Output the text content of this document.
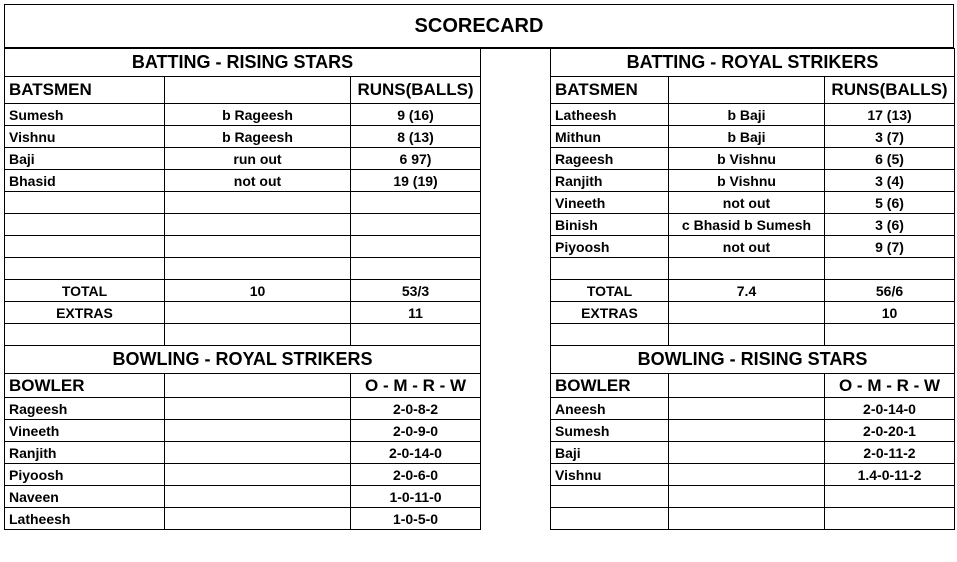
SCORECARD
BATTING - RISING STARS		
BATSMEN		RUNS(BALLS)
Sumesh	b Rageesh	9 (16)
Vishnu	b Rageesh	8 (13)
Baji	run out	6 97)
Bhasid	not out	19 (19)

TOTAL	10	53/3
EXTRAS		11

BOWLING - ROYAL STRIKERS		
BOWLER		O - M - R - W
Rageesh		2-0-8-2
Vineeth		2-0-9-0
Ranjith		2-0-14-0
Piyoosh		2-0-6-0
Naveen		1-0-11-0
Latheesh		1-0-5-0
BATTING - ROYAL STRIKERS		
BATSMEN		RUNS(BALLS)
Latheesh	b Baji	17 (13)
Mithun	b Baji	3 (7)
Rageesh	b Vishnu	6 (5)
Ranjith	b Vishnu	3 (4)
Vineeth	not out	5 (6)
Binish	c Bhasid b Sumesh	3 (6)
Piyoosh	not out	9 (7)

TOTAL	7.4	56/6
EXTRAS		10

BOWLING - RISING STARS		
BOWLER		O - M - R - W
Aneesh		2-0-14-0
Sumesh		2-0-20-1
Baji		2-0-11-2
Vishnu		1.4-0-11-2
